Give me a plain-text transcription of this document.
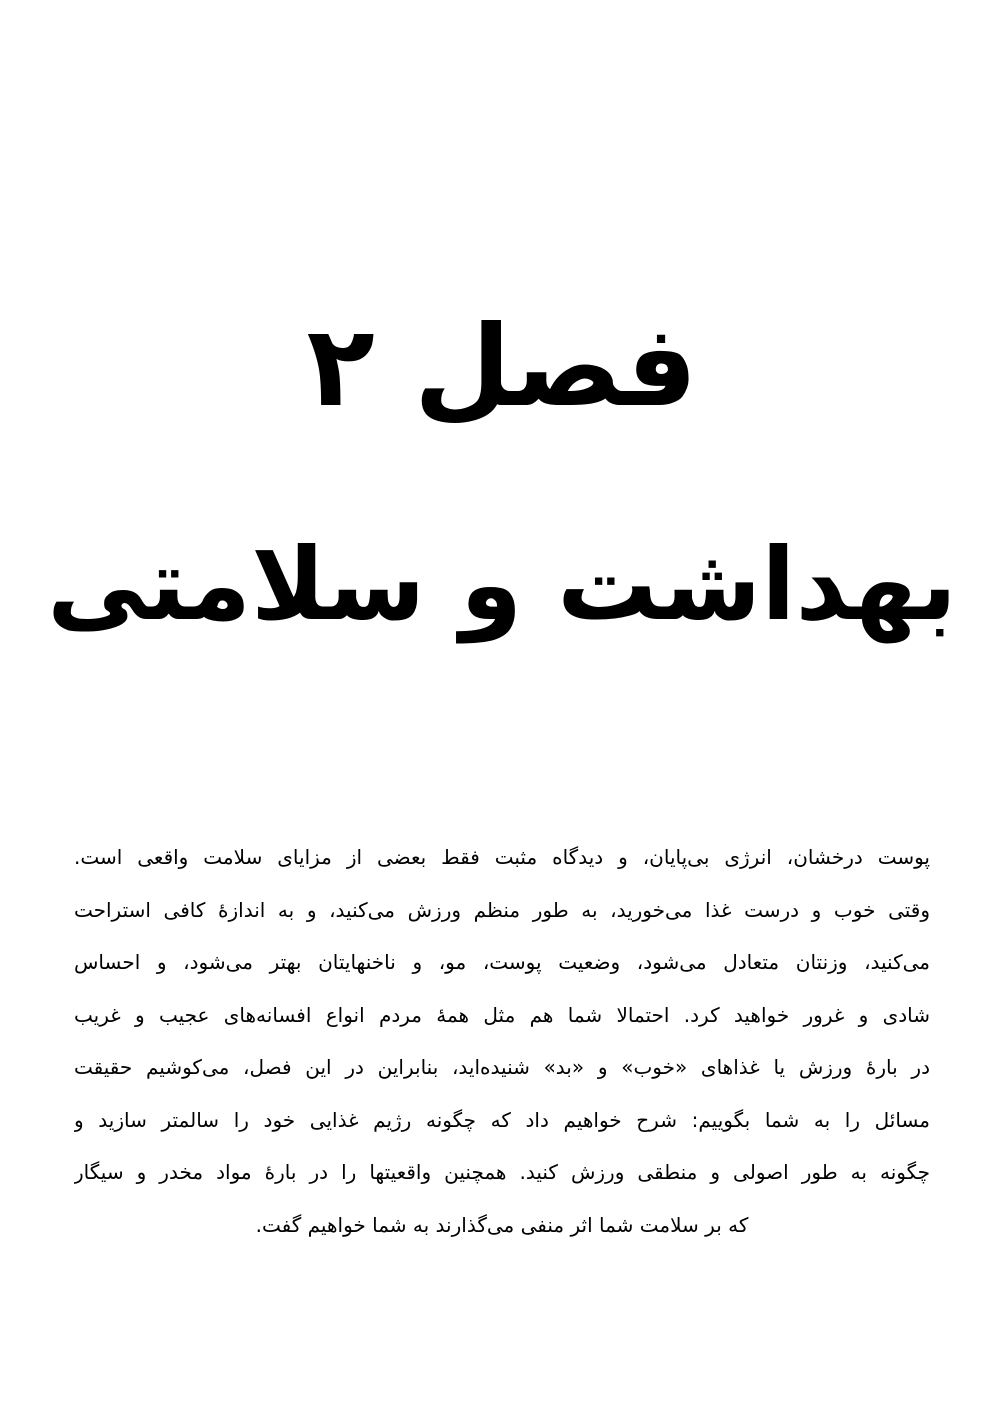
فصل ۲
بهداشت و سلامتی
پوست درخشان، انرژی بی‌پایان، و دیدگاه مثبت فقط بعضی از مزایای سلامت واقعی است.
وقتی خوب و درست غذا می‌خورید، به طور منظم ورزش می‌کنید، و به اندازهٔ کافی استراحت
می‌کنید، وزنتان متعادل می‌شود، وضعیت پوست، مو، و ناخنهایتان بهتر می‌شود، و احساس
شادی و غرور خواهید کرد. احتمالا شما هم مثل همهٔ مردم انواع افسانه‌های عجیب و غریب
در بارهٔ ورزش یا غذاهای «خوب» و «بد» شنیده‌اید، بنابراین در این فصل، می‌کوشیم حقیقت
مسائل را به شما بگوییم: شرح خواهیم داد که چگونه رژیم غذایی خود را سالمتر سازید و
چگونه به طور اصولی و منطقی ورزش کنید. همچنین واقعیتها را در بارهٔ مواد مخدر و سیگار
که بر سلامت شما اثر منفی می‌گذارند به شما خواهیم گفت.
